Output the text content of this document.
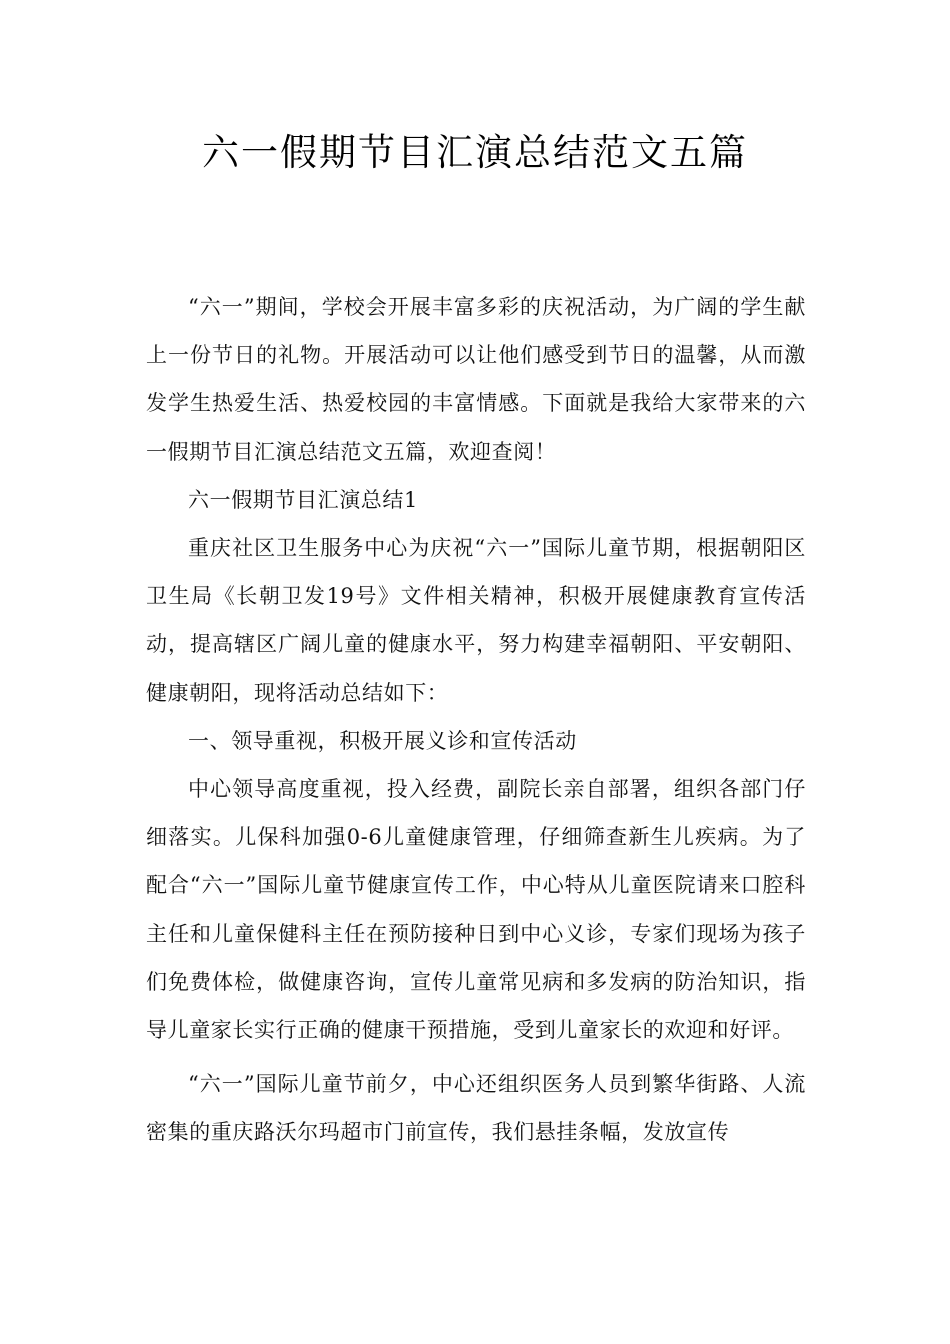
六一假期节目汇演总结范文五篇

“六一”期间，学校会开展丰富多彩的庆祝活动，为广阔的学生献上一份节日的礼物。开展活动可以让他们感受到节日的温馨，从而激发学生热爱生活、热爱校园的丰富情感。下面就是我给大家带来的六一假期节目汇演总结范文五篇，欢迎查阅！

六一假期节目汇演总结1

重庆社区卫生服务中心为庆祝“六一”国际儿童节期，根据朝阳区卫生局《长朝卫发19号》文件相关精神，积极开展健康教育宣传活动，提高辖区广阔儿童的健康水平，努力构建幸福朝阳、平安朝阳、健康朝阳，现将活动总结如下：

一、领导重视，积极开展义诊和宣传活动

中心领导高度重视，投入经费，副院长亲自部署，组织各部门仔细落实。儿保科加强0-6儿童健康管理，仔细筛查新生儿疾病。为了配合“六一”国际儿童节健康宣传工作，中心特从儿童医院请来口腔科主任和儿童保健科主任在预防接种日到中心义诊，专家们现场为孩子们免费体检，做健康咨询，宣传儿童常见病和多发病的防治知识，指导儿童家长实行正确的健康干预措施，受到儿童家长的欢迎和好评。

“六一”国际儿童节前夕，中心还组织医务人员到繁华街路、人流密集的重庆路沃尔玛超市门前宣传，我们悬挂条幅，发放宣传
